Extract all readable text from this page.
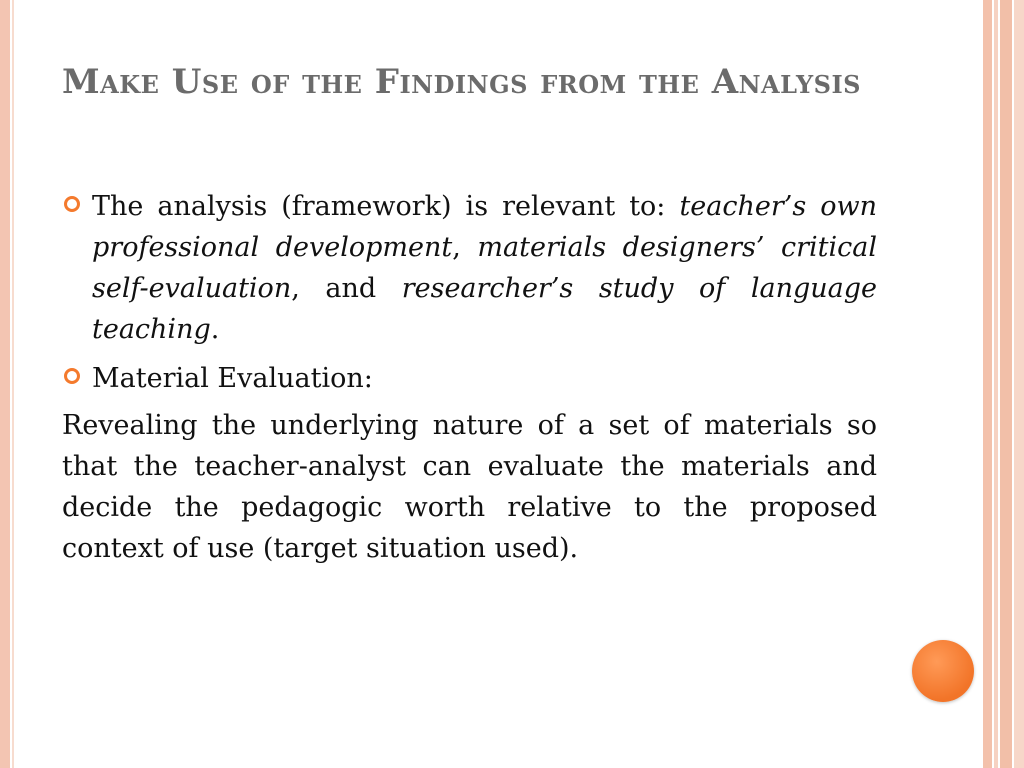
Make Use of the Findings from the Analysis

The analysis (framework) is relevant to: teacher’s own professional development, materials designers’ critical self-evaluation, and researcher’s study of language teaching.

Material Evaluation:

Revealing the underlying nature of a set of materials so that the teacher-analyst can evaluate the materials and decide the pedagogic worth relative to the proposed context of use (target situation used).
